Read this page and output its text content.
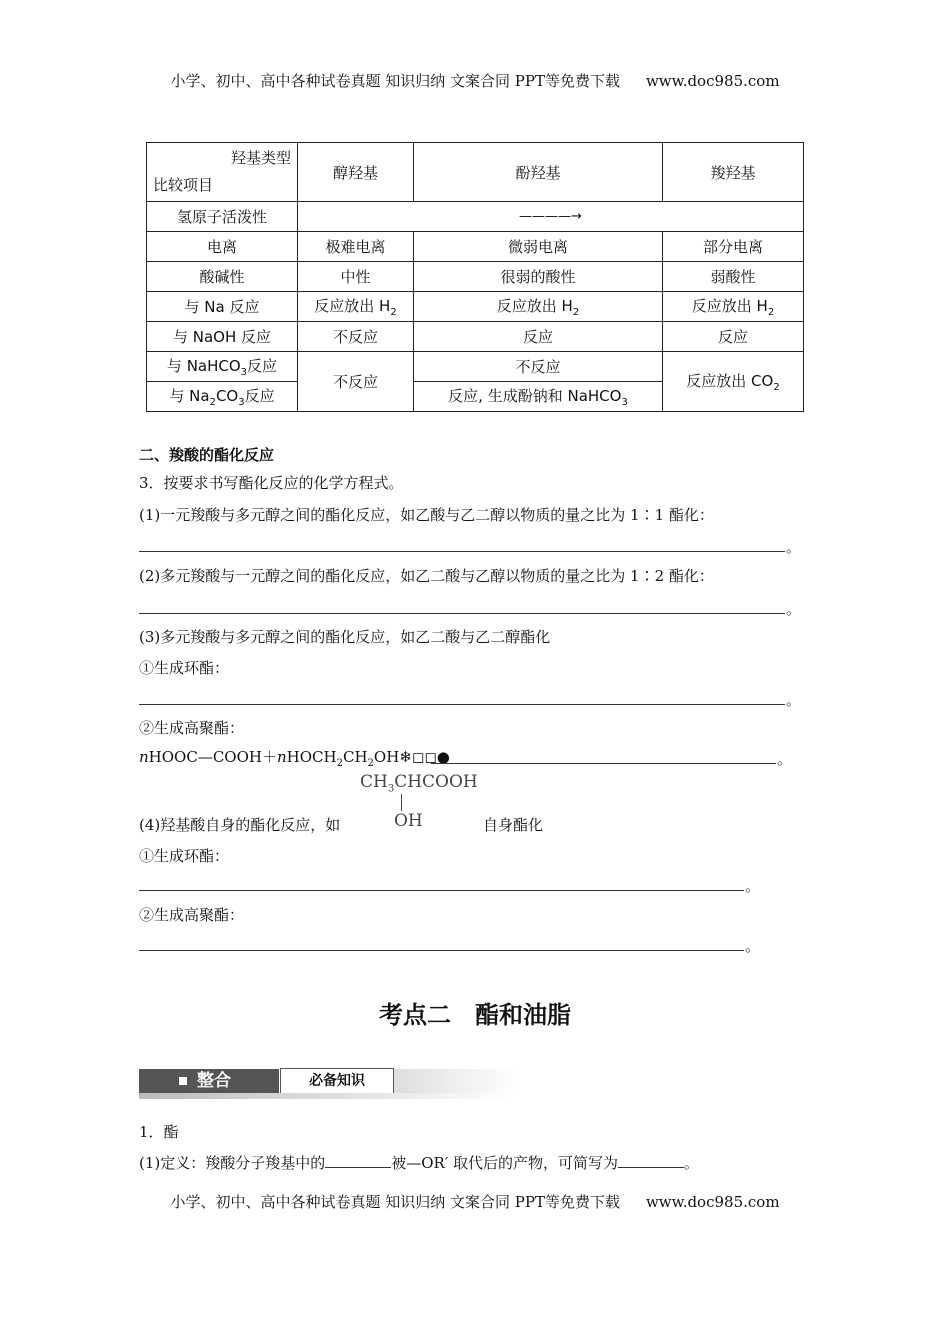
小学、初中、高中各种试卷真题 知识归纳 文案合同 PPT等免费下载 www.doc985.com
羟基类型
比较项目	醇羟基	酚羟基	羧羟基
氢原子活泼性	————→		
电离	极难电离	微弱电离	部分电离
酸碱性	中性	很弱的酸性	弱酸性
与 Na 反应	反应放出 $H_2$	反应放出 $H_2$	反应放出 $H_2$
与 NaOH 反应	不反应	反应	反应
与 NaHCO$_3$反应	不反应	不反应	反应放出 $CO_2$
与 $Na_2CO_3$反应		反应, 生成酚钠和 NaHCO$_3$
二、羧酸的酯化反应
3．按要求书写酯化反应的化学方程式。
(1)一元羧酸与多元醇之间的酯化反应，如乙酸与乙二醇以物质的量之比为 1∶1 酯化：
。
(2)多元羧酸与一元醇之间的酯化反应，如乙二酸与乙醇以物质的量之比为 1∶2 酯化：
。
(3)多元羧酸与多元醇之间的酯化反应，如乙二酸与乙二醇酯化
①生成环酯：
。
②生成高聚酯：
$nHOOC—COOH+nHOCH_2CH_2OH❄◻◻●$	。
$CH_3CHCOOH$
OH
(4)羟基酸自身的酯化反应，如	自身酯化
①生成环酯：
。
②生成高聚酯：
。
考点二　酯和油脂
整合	必备知识
1．酯
(1)定义：羧酸分子羧基中的	被—OR′ 取代后的产物，可简写为	。
小学、初中、高中各种试卷真题 知识归纳 文案合同 PPT等免费下载 www.doc985.com
